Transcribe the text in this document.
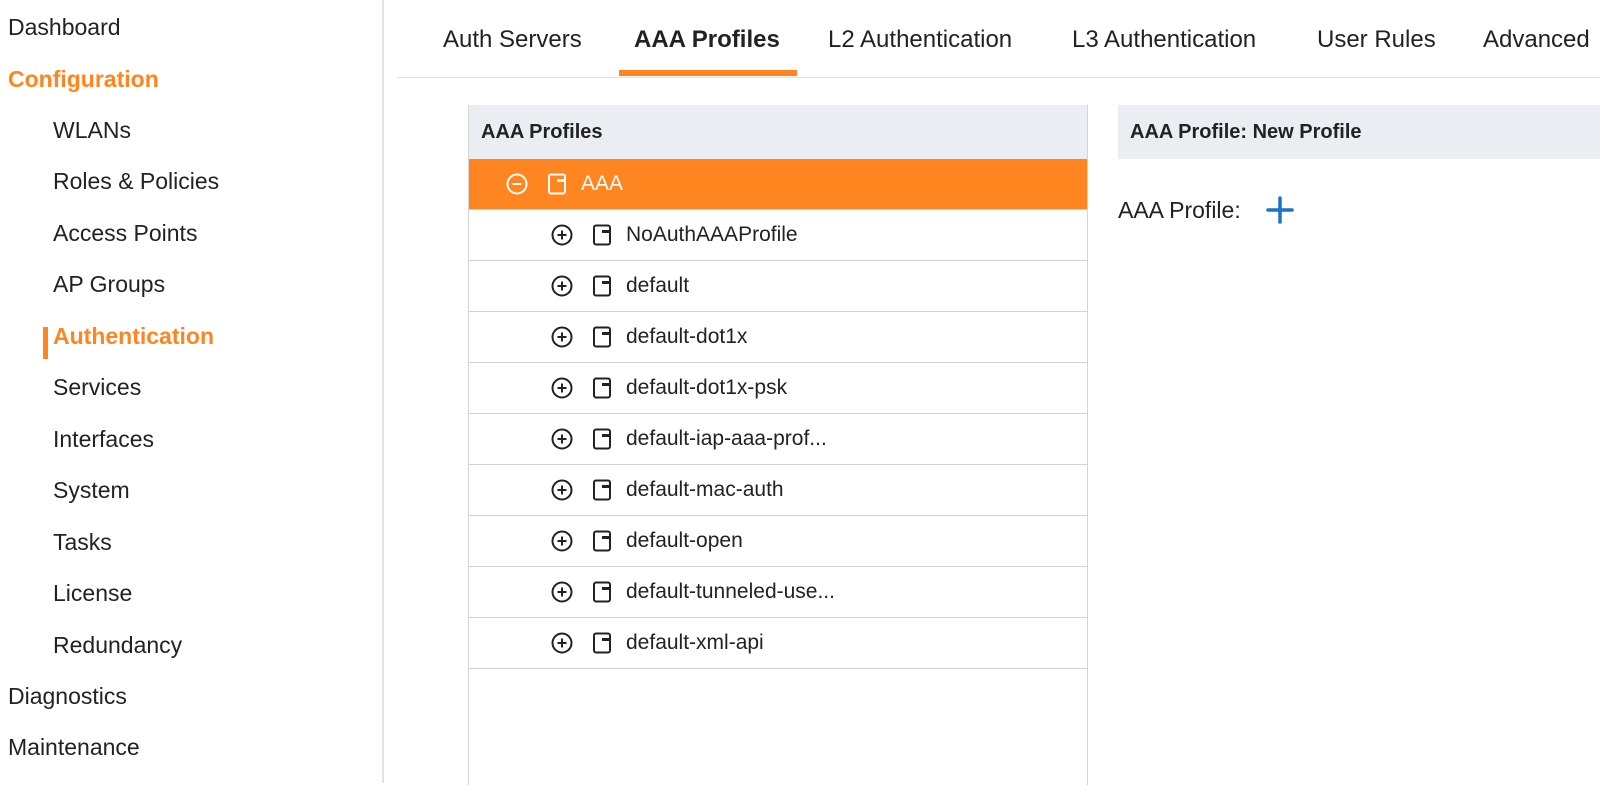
Dashboard
Configuration
WLANs
Roles & Policies
Access Points
AP Groups
Authentication
Services
Interfaces
System
Tasks
License
Redundancy
Diagnostics
Maintenance
Auth Servers AAA Profiles L2 Authentication L3 Authentication	User Rules Advanced
AAA Profiles
AAA
NoAuthAAAProfile
default
default-dot1x
default-dot1x-psk
default-iap-aaa-prof...
default-mac-auth
default-open
default-tunneled-use...
default-xml-api
AAA Profile: New Profile
AAA Profile:
